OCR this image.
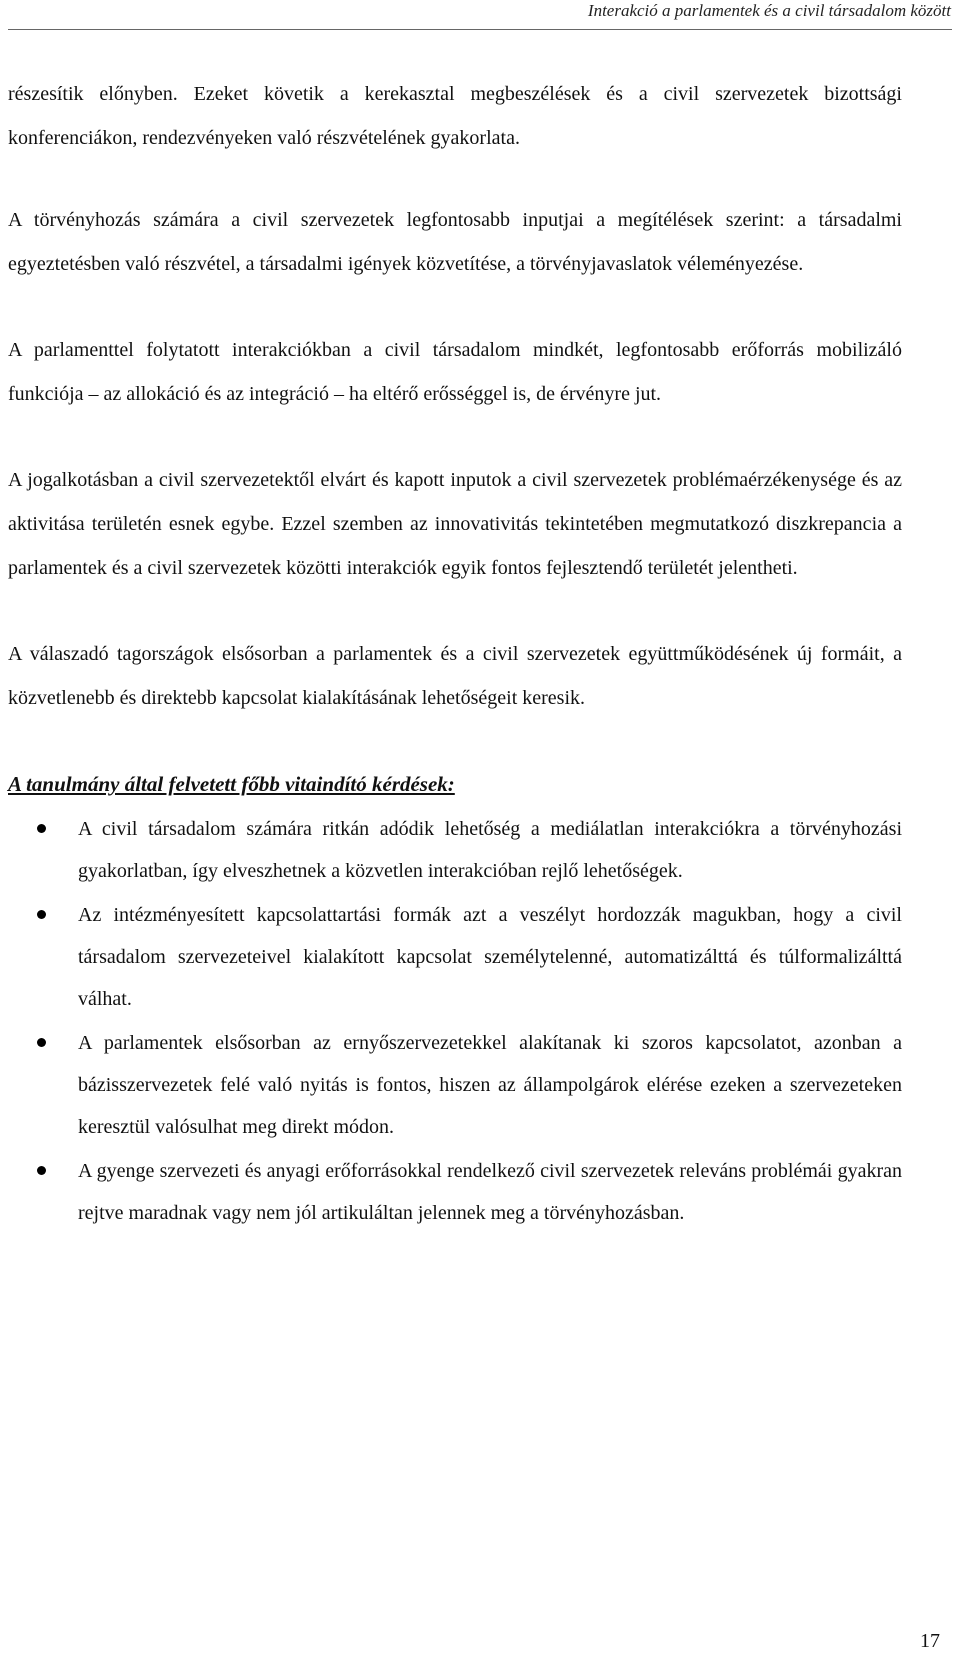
Interakció a parlamentek és a civil társadalom között

részesítik előnyben. Ezeket követik a kerekasztal megbeszélések és a civil szervezetek bizottsági konferenciákon, rendezvényeken való részvételének gyakorlata.

A törvényhozás számára a civil szervezetek legfontosabb inputjai a megítélések szerint: a társadalmi egyeztetésben való részvétel, a társadalmi igények közvetítése, a törvényjavaslatok véleményezése.

A parlamenttel folytatott interakciókban a civil társadalom mindkét, legfontosabb erőforrás mobilizáló funkciója – az allokáció és az integráció – ha eltérő erősséggel is, de érvényre jut.

A jogalkotásban a civil szervezetektől elvárt és kapott inputok a civil szervezetek problémaérzékenysége és az aktivitása területén esnek egybe. Ezzel szemben az innovativitás tekintetében megmutatkozó diszkrepancia a parlamentek és a civil szervezetek közötti interakciók egyik fontos fejlesztendő területét jelentheti.

A válaszadó tagországok elsősorban a parlamentek és a civil szervezetek együttműködésének új formáit, a közvetlenebb és direktebb kapcsolat kialakításának lehetőségeit keresik.

A tanulmány által felvetett főbb vitaindító kérdések:
A civil társadalom számára ritkán adódik lehetőség a mediálatlan interakciókra a törvényhozási gyakorlatban, így elveszhetnek a közvetlen interakcióban rejlő lehetőségek.
Az intézményesített kapcsolattartási formák azt a veszélyt hordozzák magukban, hogy a civil társadalom szervezeteivel kialakított kapcsolat személytelenné, automatizálttá és túlformalizálttá válhat.
A parlamentek elsősorban az ernyőszervezetekkel alakítanak ki szoros kapcsolatot, azonban a bázisszervezetek felé való nyitás is fontos, hiszen az állampolgárok elérése ezeken a szervezeteken keresztül valósulhat meg direkt módon.
A gyenge szervezeti és anyagi erőforrásokkal rendelkező civil szervezetek releváns problémái gyakran rejtve maradnak vagy nem jól artikuláltan jelennek meg a törvényhozásban.
17
